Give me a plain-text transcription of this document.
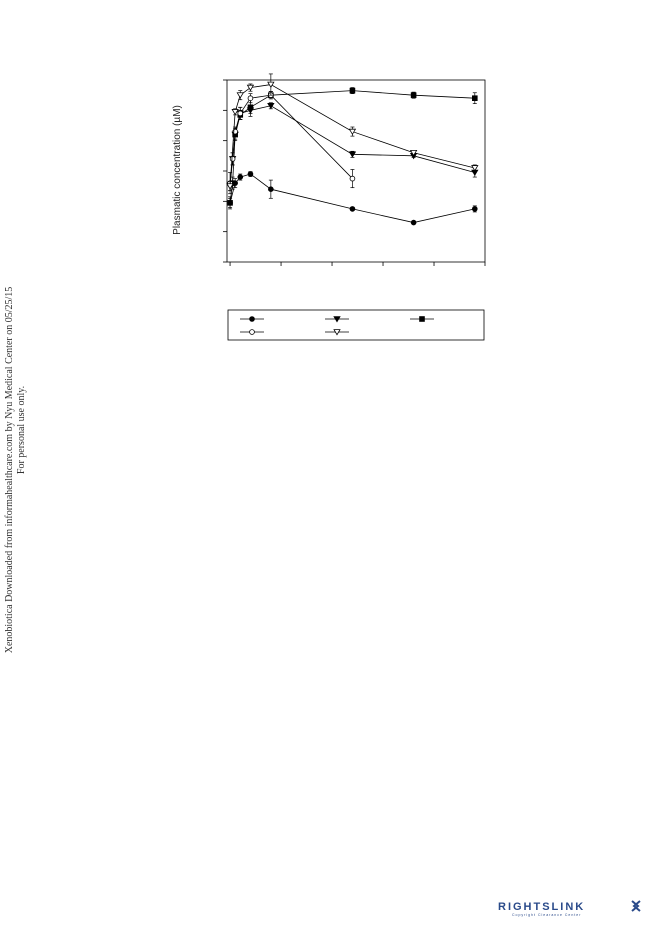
Plasmatic concentration (µM)
Xenobiotica Downloaded from informahealthcare.com by Nyu Medical Center on 05/25/15 For personal use only.
RIGHTSLINK
Copyright Clearance Center
